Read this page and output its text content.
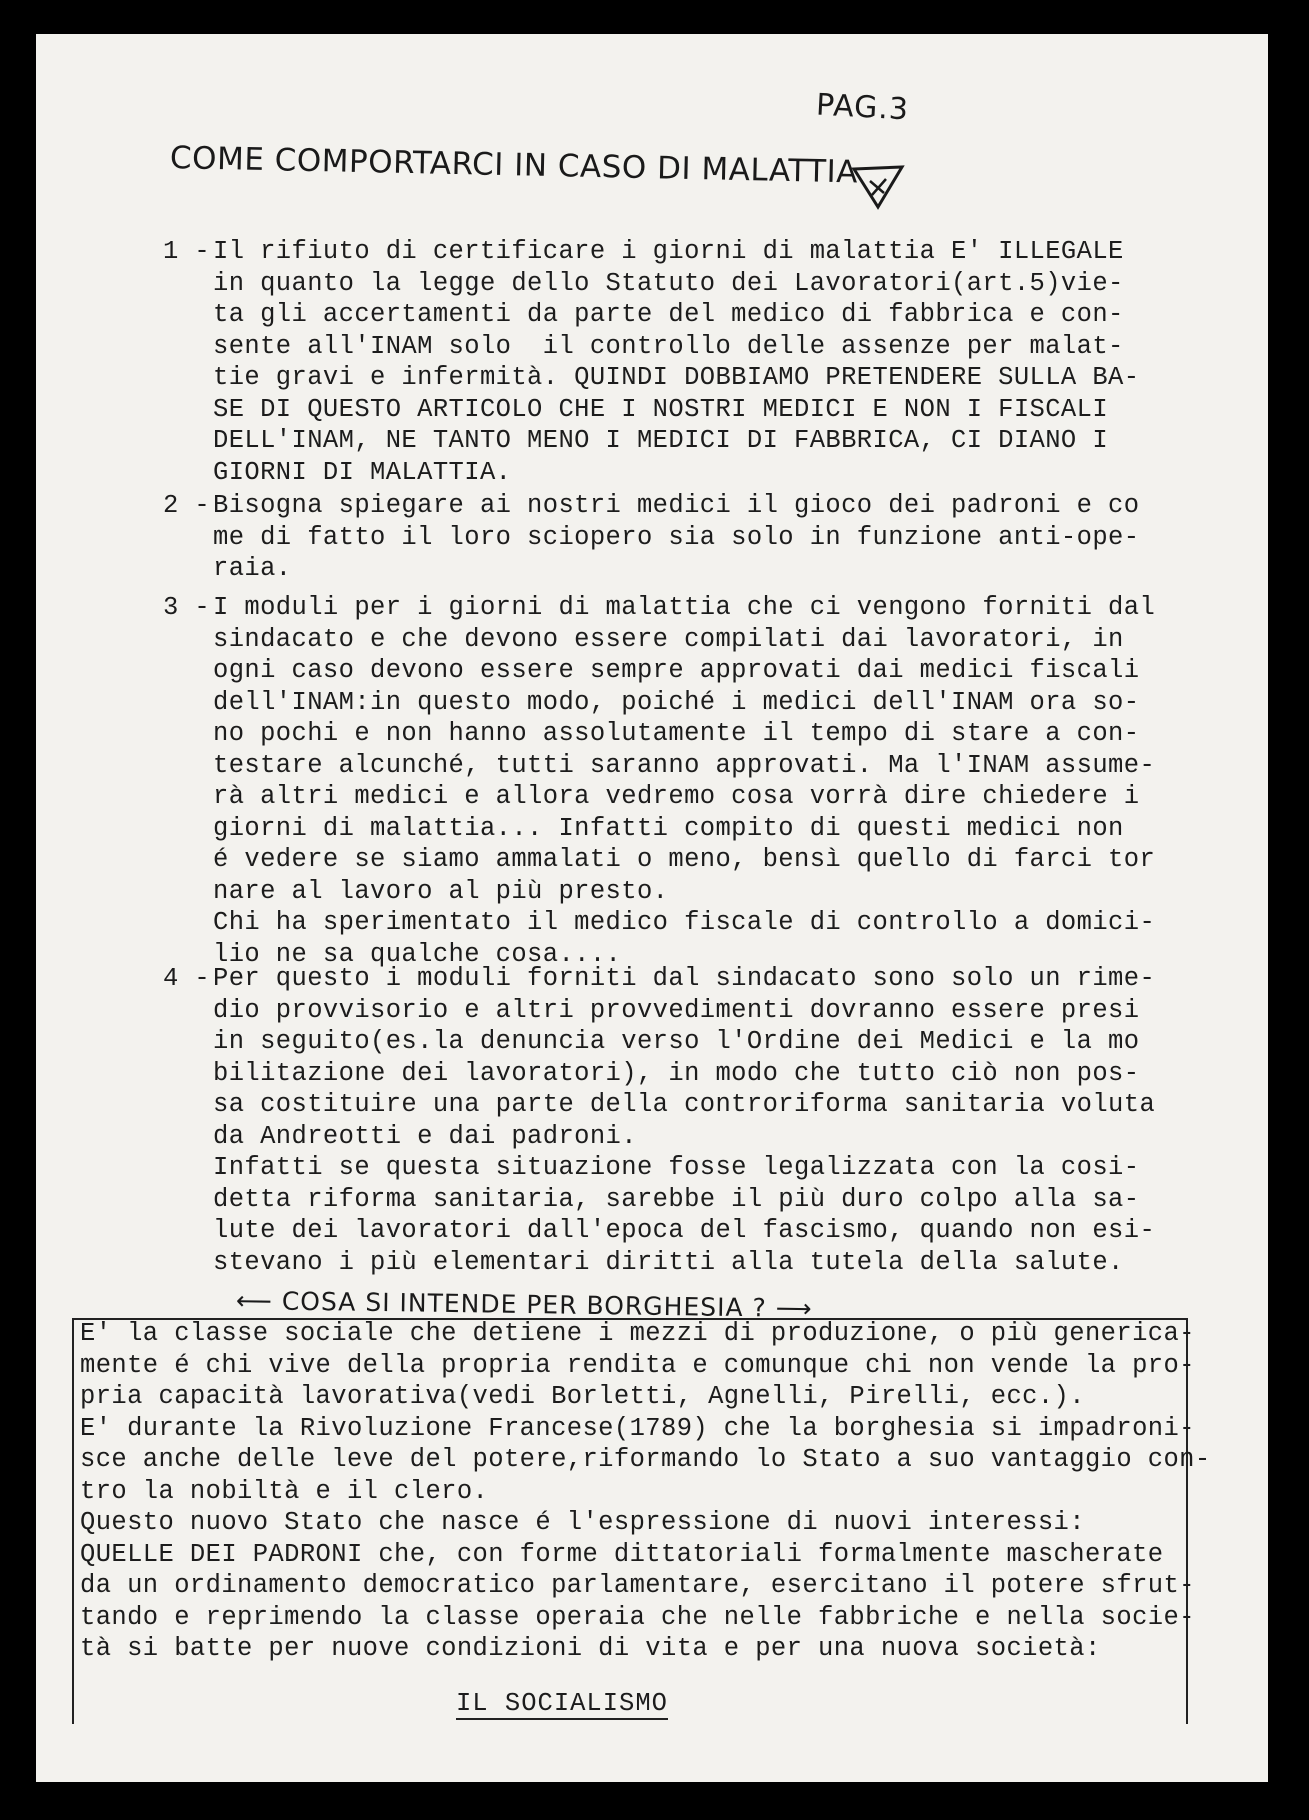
PAG.3
COME COMPORTARCI IN CASO DI MALATTIA
1 - Il rifiuto di certificare i giorni di malattia E' ILLEGALE
in quanto la legge dello Statuto dei Lavoratori(art.5)vie-
ta gli accertamenti da parte del medico di fabbrica e con-
sente all'INAM solo  il controllo delle assenze per malat-
tie gravi e infermità. QUINDI DOBBIAMO PRETENDERE SULLA BA-
SE DI QUESTO ARTICOLO CHE I NOSTRI MEDICI E NON I FISCALI
DELL'INAM, NE TANTO MENO I MEDICI DI FABBRICA, CI DIANO I
GIORNI DI MALATTIA.
2 - Bisogna spiegare ai nostri medici il gioco dei padroni e co
me di fatto il loro sciopero sia solo in funzione anti-ope-
raia.
3 - I moduli per i giorni di malattia che ci vengono forniti dal
sindacato e che devono essere compilati dai lavoratori, in
ogni caso devono essere sempre approvati dai medici fiscali
dell'INAM:in questo modo, poiché i medici dell'INAM ora so-
no pochi e non hanno assolutamente il tempo di stare a con-
testare alcunché, tutti saranno approvati. Ma l'INAM assume-
rà altri medici e allora vedremo cosa vorrà dire chiedere i
giorni di malattia... Infatti compito di questi medici non
é vedere se siamo ammalati o meno, bensì quello di farci tor
nare al lavoro al più presto.
Chi ha sperimentato il medico fiscale di controllo a domici-
lio ne sa qualche cosa....
4 - Per questo i moduli forniti dal sindacato sono solo un rime-
dio provvisorio e altri provvedimenti dovranno essere presi
in seguito(es.la denuncia verso l'Ordine dei Medici e la mo
bilitazione dei lavoratori), in modo che tutto ciò non pos-
sa costituire una parte della controriforma sanitaria voluta
da Andreotti e dai padroni.
Infatti se questa situazione fosse legalizzata con la cosi-
detta riforma sanitaria, sarebbe il più duro colpo alla sa-
lute dei lavoratori dall'epoca del fascismo, quando non esi-
stevano i più elementari diritti alla tutela della salute.
⟵ COSA SI INTENDE PER BORGHESIA ? ⟶
E' la classe sociale che detiene i mezzi di produzione, o più generica-
mente é chi vive della propria rendita e comunque chi non vende la pro-
pria capacità lavorativa(vedi Borletti, Agnelli, Pirelli, ecc.).
E' durante la Rivoluzione Francese(1789) che la borghesia si impadroni-
sce anche delle leve del potere,riformando lo Stato a suo vantaggio con-
tro la nobiltà e il clero.
Questo nuovo Stato che nasce é l'espressione di nuovi interessi:
QUELLE DEI PADRONI che, con forme dittatoriali formalmente mascherate
da un ordinamento democratico parlamentare, esercitano il potere sfrut-
tando e reprimendo la classe operaia che nelle fabbriche e nella socie-
tà si batte per nuove condizioni di vita e per una nuova società:
IL SOCIALISMO
